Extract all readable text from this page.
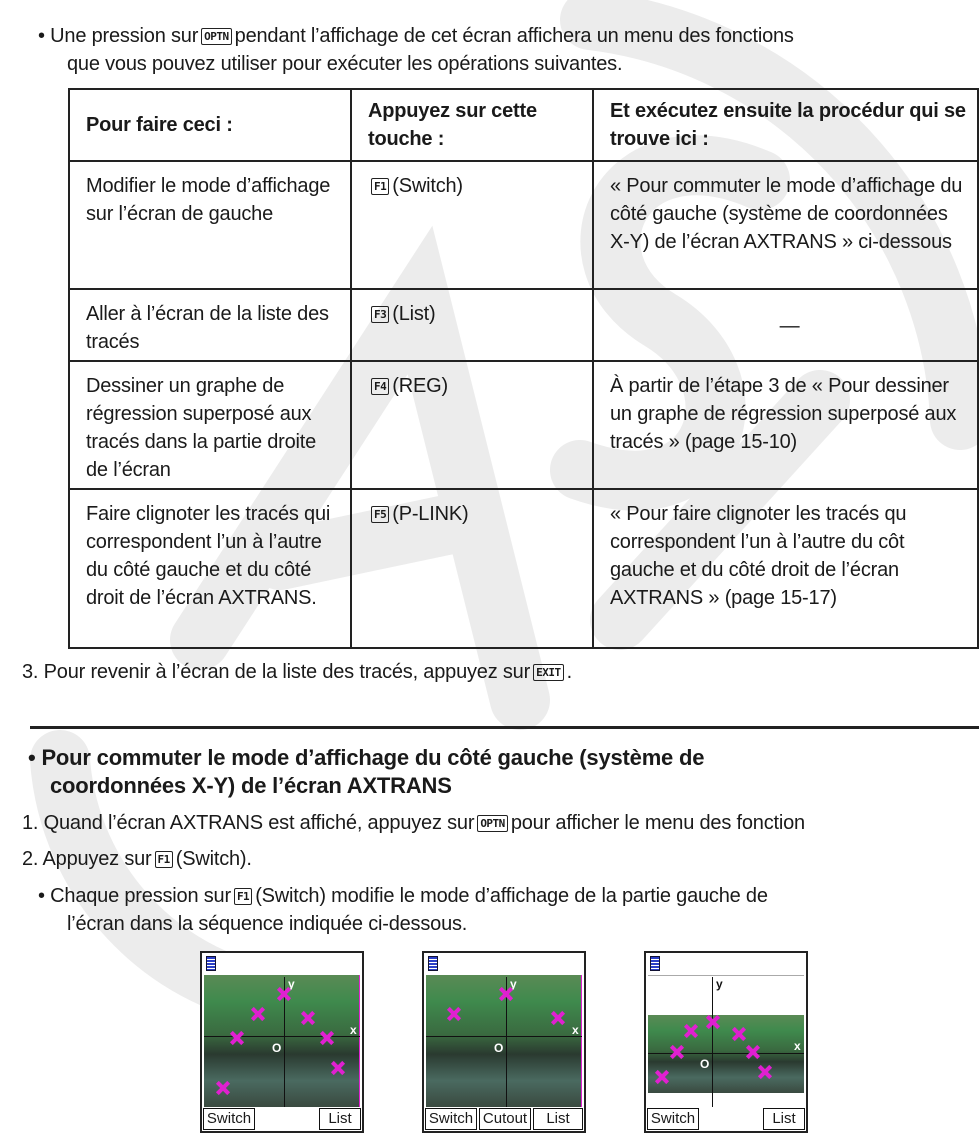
• Une pression sur OPTN pendant l’affichage de cet écran affichera un menu des fonctions

que vous pouvez utiliser pour exécuter les opérations suivantes.

Pour faire ceci :	Appuyez sur cette touche :	Et exécutez ensuite la procédur qui se trouve ici :
Modifier le mode d’affichage sur l’écran de gauche	F1 (Switch)	« Pour commuter le mode d’affichage du côté gauche (système de coordonnées X-Y) de l’écran AXTRANS » ci-dessous
Aller à l’écran de la liste des tracés	F3 (List)	—
Dessiner un graphe de régression superposé aux tracés dans la partie droite de l’écran	F4 (REG)	À partir de l’étape 3 de « Pour dessiner un graphe de régression superposé aux tracés » (page 15-10)
Faire clignoter les tracés qui correspondent l’un à l’autre du côté gauche et du côté droit de l’écran AXTRANS.	F5 (P-LINK)	« Pour faire clignoter les tracés qu correspondent l’un à l’autre du côt gauche et du côté droit de l’écran AXTRANS » (page 15-17)

3. Pour revenir à l’écran de la liste des tracés, appuyez sur EXIT .

• Pour commuter le mode d’affichage du côté gauche (système de
coordonnées X-Y) de l’écran AXTRANS

1. Quand l’écran AXTRANS est affiché, appuyez sur OPTN pour afficher le menu des fonction

2. Appuyez sur F1 (Switch).

• Chaque pression sur F1 (Switch) modifie le mode d’affichage de la partie gauche de

l’écran dans la séquence indiquée ci-dessous.

y
x
O
Switch	List
y
x
O
Switch Cutout	List
y
x
O
Switch	List
